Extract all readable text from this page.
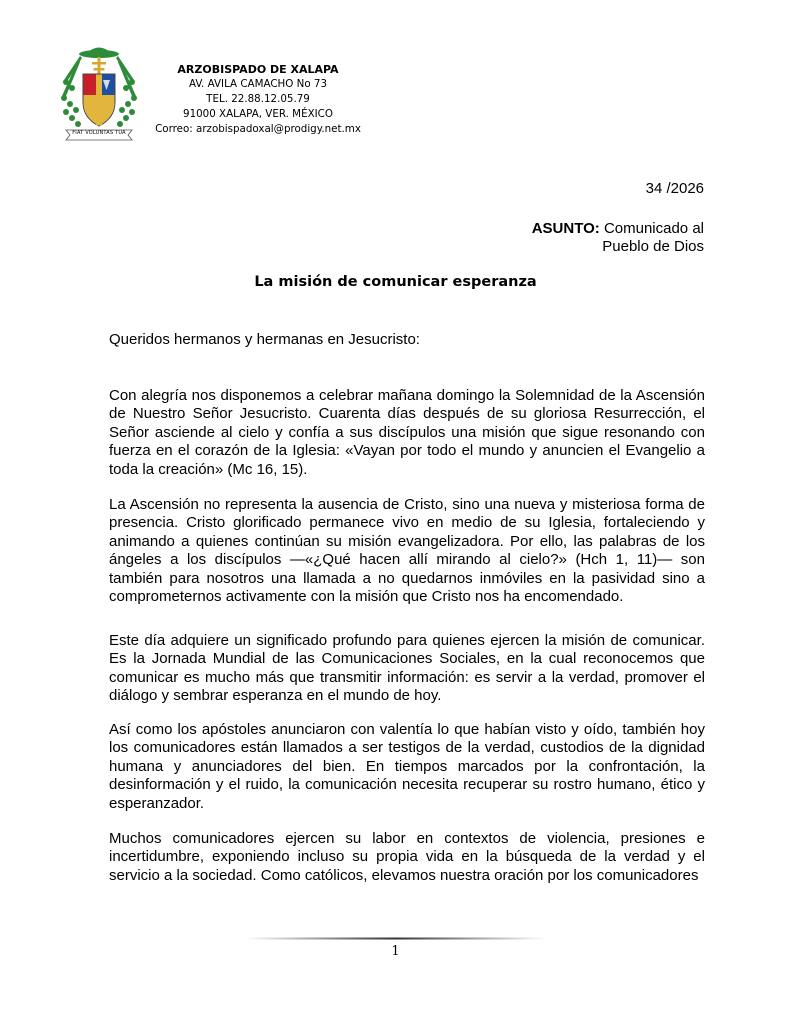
FIAT VOLUNTAS TUA
ARZOBISPADO DE XALAPA
AV. AVILA CAMACHO No 73
TEL. 22.88.12.05.79
91000 XALAPA, VER. MÉXICO
Correo: arzobispadoxal@prodigy.net.mx
34 /2026
ASUNTO: Comunicado al
Pueblo de Dios
La misión de comunicar esperanza
Queridos hermanos y hermanas en Jesucristo:

Con alegría nos disponemos a celebrar mañana domingo la Solemnidad de la Ascensión de Nuestro Señor Jesucristo. Cuarenta días después de su gloriosa Resurrección, el Señor asciende al cielo y confía a sus discípulos una misión que sigue resonando con fuerza en el corazón de la Iglesia: «Vayan por todo el mundo y anuncien el Evangelio a toda la creación» (Mc 16, 15).

La Ascensión no representa la ausencia de Cristo, sino una nueva y misteriosa forma de presencia. Cristo glorificado permanece vivo en medio de su Iglesia, fortaleciendo y animando a quienes continúan su misión evangelizadora. Por ello, las palabras de los ángeles a los discípulos —«¿Qué hacen allí mirando al cielo?» (Hch 1, 11)— son también para nosotros una llamada a no quedarnos inmóviles en la pasividad sino a comprometernos activamente con la misión que Cristo nos ha encomendado.

Este día adquiere un significado profundo para quienes ejercen la misión de comunicar. Es la Jornada Mundial de las Comunicaciones Sociales, en la cual reconocemos que comunicar es mucho más que transmitir información: es servir a la verdad, promover el diálogo y sembrar esperanza en el mundo de hoy.

Así como los apóstoles anunciaron con valentía lo que habían visto y oído, también hoy los comunicadores están llamados a ser testigos de la verdad, custodios de la dignidad humana y anunciadores del bien. En tiempos marcados por la confrontación, la desinformación y el ruido, la comunicación necesita recuperar su rostro humano, ético y esperanzador.

Muchos comunicadores ejercen su labor en contextos de violencia, presiones e incertidumbre, exponiendo incluso su propia vida en la búsqueda de la verdad y el servicio a la sociedad. Como católicos, elevamos nuestra oración por los comunicadores

1
